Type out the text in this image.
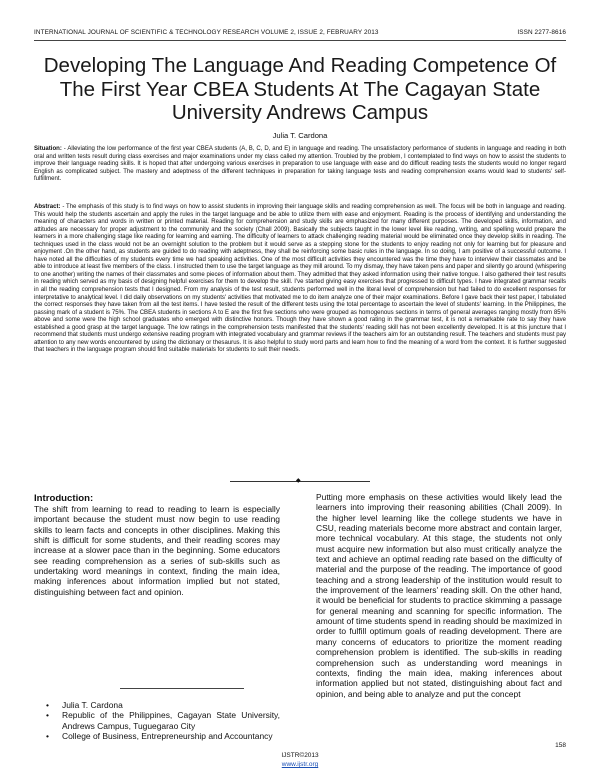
INTERNATIONAL JOURNAL OF SCIENTIFIC & TECHNOLOGY RESEARCH VOLUME 2, ISSUE 2, FEBRUARY 2013	ISSN 2277-8616
Developing The Language And Reading Competence Of The First Year CBEA Students At The Cagayan State University Andrews Campus
Julia T. Cardona
Situation: - Alleviating the low performance of the first year CBEA students (A, B, C, D, and E) in language and reading. The unsatisfactory performance of students in language and reading in both oral and written tests result during class exercises and major examinations under my class called my attention. Troubled by the problem, I contemplated to find ways on how to assist the students to improve their language reading skills. It is hoped that after undergoing various exercises in preparation to use language with ease and do difficult reading tests the students would no longer regard English as complicated subject. The mastery and adeptness of the different techniques in preparation for taking language tests and reading comprehension exams would lead to students' self-fulfillment.
Abstract: - The emphasis of this study is to find ways on how to assist students in improving their language skills and reading comprehension as well. The focus will be both in language and reading. This would help the students ascertain and apply the rules in the target language and be able to utilize them with ease and enjoyment. Reading is the process of identifying and understanding the meaning of characters and words in written or printed material. Reading for comprehension and study skills are emphasized for many different purposes. The developed skills, information, and attitudes are necessary for proper adjustment to the community and the society (Chall 2009). Basically the subjects taught in the lower level like reading, writing, and spelling would prepare the learners in a more challenging stage like reading for learning and earning. The difficulty of learners to attack challenging reading material would be eliminated once they develop skills in reading. The techniques used in the class would not be an overnight solution to the problem but it would serve as a stepping stone for the students to enjoy reading not only for learning but for pleasure and enjoyment .On the other hand, as students are guided to do reading with adeptness, they shall be reinforcing some basic rules in the language. In so doing, I am positive of a successful outcome. I have noted all the difficulties of my students every time we had speaking activities. One of the most difficult activities they encountered was the time they have to interview their classmates and be able to introduce at least five members of the class. I instructed them to use the target language as they mill around. To my dismay, they have taken pens and paper and silently go around (whispering to one another) writing the names of their classmates and some pieces of information about them. They admitted that they asked information using their native tongue. I also gathered their test results in reading which served as my basis of designing helpful exercises for them to develop the skill. I've started giving easy exercises that progressed to difficult types. I have integrated grammar recalls in all the reading comprehension tests that I designed. From my analysis of the test result, students performed well in the literal level of comprehension but had failed to do excellent responses for interpretative to analytical level. I did daily observations on my students' activities that motivated me to do item analyze one of their major examinations. Before I gave back their test paper, I tabulated the correct responses they have taken from all the test items. I have tested the result of the different tests using the total percentage to ascertain the level of students' learning. In the Philippines, the passing mark of a student is 75%. The CBEA students in sections A to E are the first five sections who were grouped as homogenous sections in terms of general averages ranging mostly from 85% above and some were the high school graduates who emerged with distinctive honors. Though they have shown a good rating in the grammar test, it is not a remarkable rate to say they have established a good grasp at the target language. The low ratings in the comprehension tests manifested that the students' reading skill has not been excellently developed. It is at this juncture that I recommend that students must undergo extensive reading program with integrated vocabulary and grammar reviews if the teachers aim for an outstanding result. The teachers and students must pay attention to any new words encountered by using the dictionary or thesaurus. It is also helpful to study word parts and learn how to find the meaning of a word from the context. It is further suggested that teachers in the language program should find suitable materials for students to suit their needs.
◆
Introduction:
The shift from learning to read to reading to learn is especially important because the student must now begin to use reading skills to learn facts and concepts in other disciplines. Making this shift is difficult for some students, and their reading scores may increase at a slower pace than in the beginning. Some educators see reading comprehension as a series of sub-skills such as undertaking word meanings in context, finding the main idea, making inferences about information implied but not stated, distinguishing between fact and opinion.
Putting more emphasis on these activities would likely lead the learners into improving their reasoning abilities (Chall 2009). In the higher level learning like the college students we have in CSU, reading materials become more abstract and contain larger, more technical vocabulary. At this stage, the students not only must acquire new information but also must critically analyze the text and achieve an optimal reading rate based on the difficulty of material and the purpose of the reading. The importance of good teaching and a strong leadership of the institution would result to the improvement of the learners' reading skill. On the other hand, it would be beneficial for students to practice skimming a passage for general meaning and scanning for specific information. The amount of time students spend in reading should be maximized in order to fulfill optimum goals of reading development. There are many concerns of educators to prioritize the moment reading comprehension problem is identified. The sub-skills in reading comprehension such as understanding word meanings in contexts, finding the main idea, making inferences about information applied but not stated, distinguishing about fact and opinion, and being able to analyze and put the concept
• Julia T. Cardona
• Republic of the Philippines, Cagayan State University, Andrews Campus, Tuguegarao City
• College of Business, Entrepreneurship and Accountancy
158
IJSTR©2013
www.ijstr.org
